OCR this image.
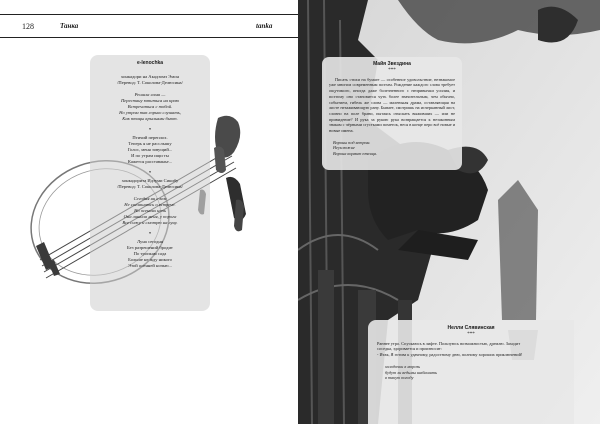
128	Танка	tanka
e-lenochka
хонкадори на Акадзомэ Эмон
/Перевод: Т. Соколова-Делюсина/
Решила сама —
Перестану ютиться на краю
Встречаться с тобой.
Но утром так горько слушать,
Как птицы крыльями бьют.
*
Птичий переплох.
Теперь я не расслышу
Голос, меня зовущий...
И по утрам ищи ты
Кажется расставанье...
*
хонкадорита Идзуми Сикибу
/Перевод: Т. Соколова-Делюсина/
Сегодня ни с кем
Не соглашаюсь о встрече.
Но осенних ночь
Она лишила меня, у порога
Все сижу и смотрю на луну.
*
Луна сегодня
Без разрешений бродит
По тропкам сада
Больше не жду никого
Этой осенней ночью...
Майя Звездина
***
Писать стихи на бумаге — особенное удовольствие, незнакомое уже многим современным поэтам. Рождение каждого слова требует ощутимого, иногда даже болезненного с непривычки усилия, и поэтому оно становится чуть более значительным, чем обычно, событием, гибель же слова — маленькая драма, оставляющая на листе незаживающую рану. Бывает, смотришь на исчерканный лист, словно на поле брани, пытаясь отыскать выживших — или не привидение? И рука за рукою рука возвращается к незаконным знакам с чёрными сгустками пометок, неся в конце перо всё новые и новые имена.
Вороны под ветром.
Неуклюжие
Ворона кормит птенца.
Нелли Слявинская
***
Раннее утро. Спускаюсь в лифте. Пользуюсь возможностью, дремлю. Заходит
соседка, здоровается и произносит:
- Итак, Я готова к удачному, радостному дню, полному хороших приключений!
холодочки в морозь
будут ли ведьмы шабашить
в такую погоду
